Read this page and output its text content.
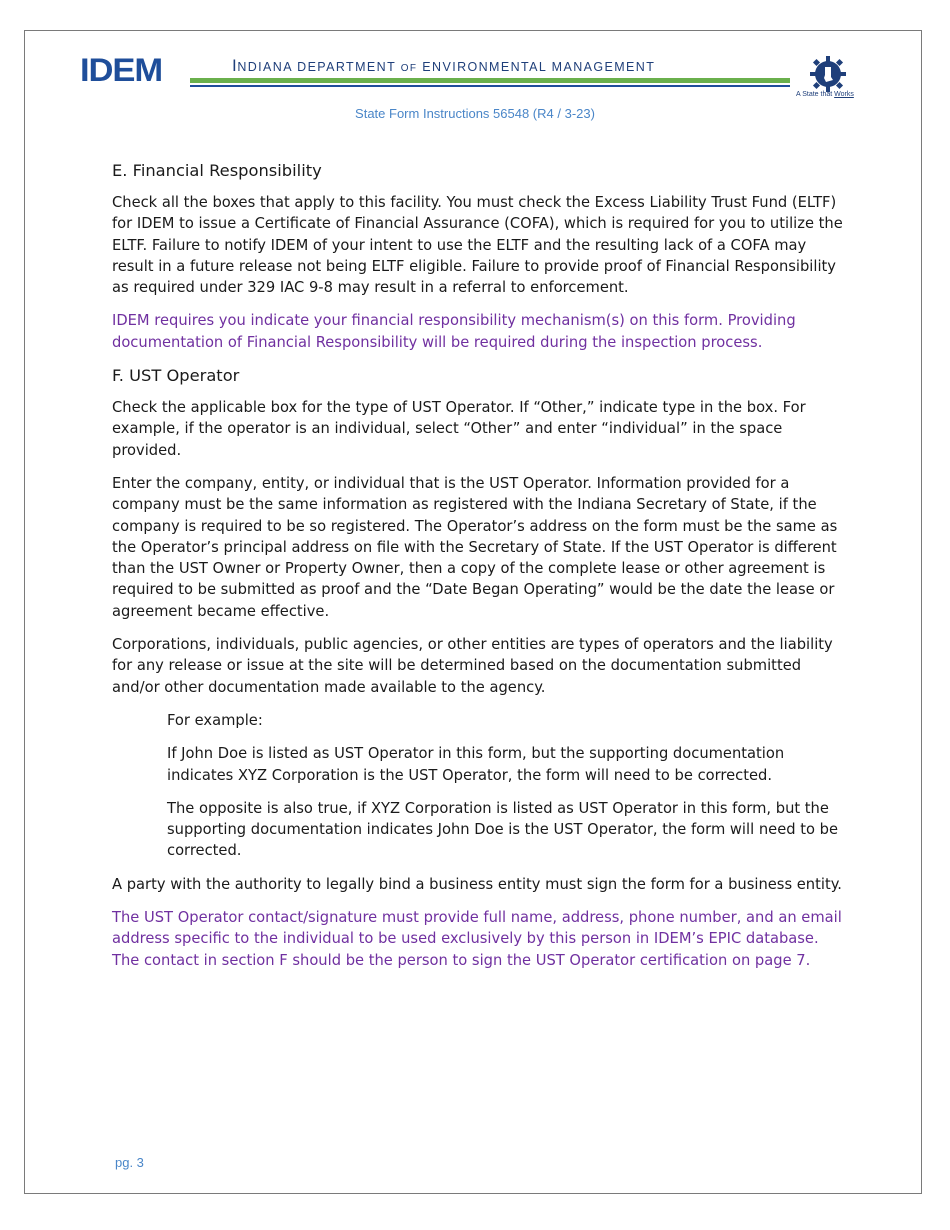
IDEM	INDIANA DEPARTMENT OF ENVIRONMENTAL MANAGEMENT
A State that Works
State Form Instructions 56548 (R4 / 3-23)
E. Financial Responsibility

Check all the boxes that apply to this facility. You must check the Excess Liability Trust Fund (ELTF) for IDEM to issue a Certificate of Financial Assurance (COFA), which is required for you to utilize the ELTF. Failure to notify IDEM of your intent to use the ELTF and the resulting lack of a COFA may result in a future release not being ELTF eligible. Failure to provide proof of Financial Responsibility as required under 329 IAC 9-8 may result in a referral to enforcement.

IDEM requires you indicate your financial responsibility mechanism(s) on this form. Providing documentation of Financial Responsibility will be required during the inspection process.

F. UST Operator

Check the applicable box for the type of UST Operator. If “Other,” indicate type in the box. For example, if the operator is an individual, select “Other” and enter “individual” in the space provided.

Enter the company, entity, or individual that is the UST Operator. Information provided for a company must be the same information as registered with the Indiana Secretary of State, if the company is required to be so registered. The Operator’s address on the form must be the same as the Operator’s principal address on file with the Secretary of State. If the UST Operator is different than the UST Owner or Property Owner, then a copy of the complete lease or other agreement is required to be submitted as proof and the “Date Began Operating” would be the date the lease or agreement became effective.

Corporations, individuals, public agencies, or other entities are types of operators and the liability for any release or issue at the site will be determined based on the documentation submitted and/or other documentation made available to the agency.

For example:

If John Doe is listed as UST Operator in this form, but the supporting documentation indicates XYZ Corporation is the UST Operator, the form will need to be corrected.

The opposite is also true, if XYZ Corporation is listed as UST Operator in this form, but the supporting documentation indicates John Doe is the UST Operator, the form will need to be corrected.

A party with the authority to legally bind a business entity must sign the form for a business entity.

The UST Operator contact/signature must provide full name, address, phone number, and an email address specific to the individual to be used exclusively by this person in IDEM’s EPIC database. The contact in section F should be the person to sign the UST Operator certification on page 7.

pg. 3
